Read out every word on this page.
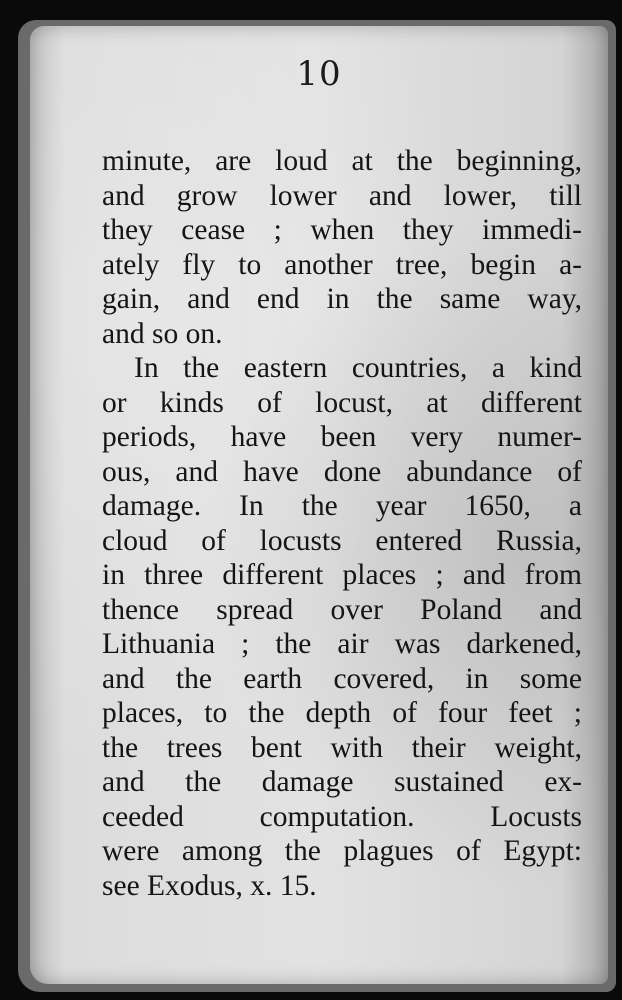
10
minute, are loud at the beginning,
and grow lower and lower, till
they cease ; when they immedi-
ately fly to another tree, begin a-
gain, and end in the same way,
and so on.
In the eastern countries, a kind
or kinds of locust, at different
periods, have been very numer-
ous, and have done abundance of
damage. In the year 1650, a
cloud of locusts entered Russia,
in three different places ; and from
thence spread over Poland and
Lithuania ; the air was darkened,
and the earth covered, in some
places, to the depth of four feet ;
the trees bent with their weight,
and the damage sustained ex-
ceeded computation. Locusts
were among the plagues of Egypt:
see Exodus, x. 15.
